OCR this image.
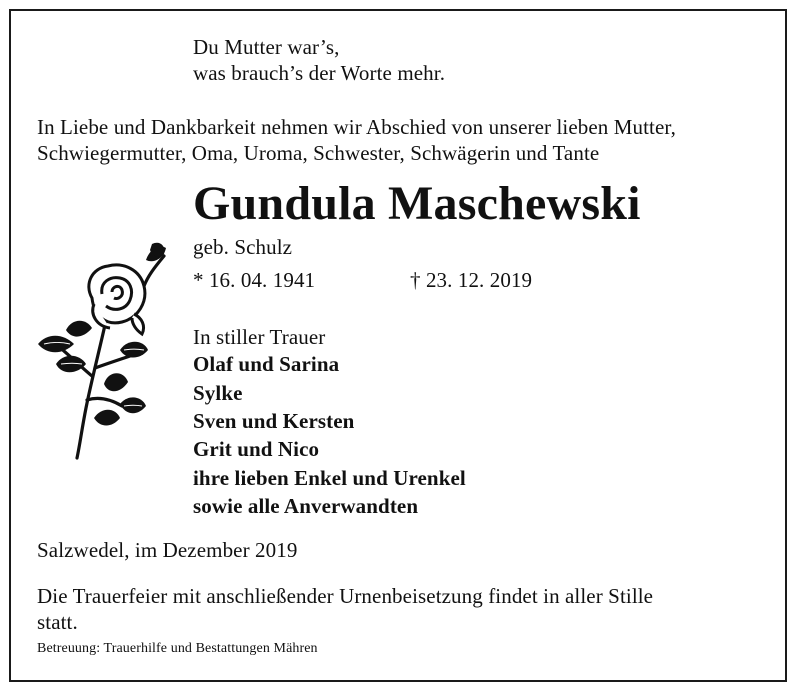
Du Mutter war’s,
was brauch’s der Worte mehr.
In Liebe und Dankbarkeit nehmen wir Abschied von unserer lieben Mutter,
Schwiegermutter, Oma, Uroma, Schwester, Schwägerin und Tante
Gundula Maschewski
geb. Schulz
* 16. 04. 1941	† 23. 12. 2019
In stiller Trauer
Olaf und Sarina
Sylke
Sven und Kersten
Grit und Nico
ihre lieben Enkel und Urenkel
sowie alle Anverwandten
Salzwedel, im Dezember 2019
Die Trauerfeier mit anschließender Urnenbeisetzung findet in aller Stille
statt.
Betreuung: Trauerhilfe und Bestattungen Mähren
